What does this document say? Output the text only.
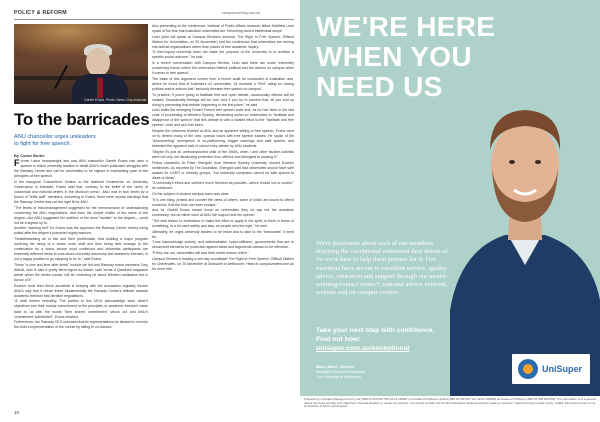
POLICY & REFORM	campusmorning.com.au
Gareth Evans. Photo: News Corp Australia
To the barricades
ANU chancellor urges unileaders
to fight for free speech.
By Conor Burke

Former Labor heavyweight and now ANU chancellor Gareth Evans has used a speech to fellow university leaders to detail ANU's much publicised struggles with the Ramsay Centre and call for universities to be vigilant in maintaining open to the principles of free speech.

In the inaugural Chancellor's Oration to the National Conference on University Governance in Adelaide, Evans said that, contrary to the belief of the "army of columnists and editorial writers in the Murdoch press", ANU was in fact vexed by a bunch of "leftie staff" members. According to Evans, there were myriad warnings that the Ramsay Centre was not the right fit for ANU.

"The levels of micromanagement suggested for the memorandum of understanding concerning the ANU negotiations, and even the simple matter of the name of the degree—the ANU suggested the addition of the word "studies" to the degree— could not be a signed up to.

Another "warning bell" for Evans was the approach the Ramsay Centre money being pulled after the degree's purported eighty warriors.

"Notwithstanding all of this and their problematic, that building a major program involving the hiring of a dozen more staff and then being held hostage to the continuation by a donor whose most vociferous and influential participants are extremely different views to ours about university autonomy and academic freedom, is not a happy position to go skipping to for to," said Evans.

These "a nice and time after times" include we felt and Ramsay board members Tony Abbott, who is also a pretty fierce figure as leader, said "wrote a Quadrant magazine article which the centre course 'will be' reviewing be about Western civilisation but in favour of it".

Evans's most tired fierce accidents is keeping with the accusation regularly thrown ANU's way that it refuse these fundamentally the Ramsay Centre's attitude towards academic freedom that derailed negotiations.

"A draft entries revealing 'The parties to this MOU acknowledge each other's objectives and their mutual commitment to the principles of academic freedom' came back to us with the words 'their shared commitment' struck out and ANU's commitment' substituted", Evans recalled.

Furthermore, the Ramsay CEO indicated that its representatives be allowed to monitor the ANU's implementation of the course by sitting in on classes.

Also presenting at the conference, Institute of Public Affairs research fellow Matthew Lesh spoke of his fear that Australian universities are "becoming closed intellectual shops".

Lesh (who will speak at Campus Review's seminar, The Right to Free Speech: Difficult Waters for Universities, on 25 November) told the conference that universities are turning into activist organisations rather than places of free academic inquiry.

"A free-inquiry university does not stake the purpose of the university to to achieve a specific social outcome," he said.

In a recent conversation with Campus Review, Lesh said there are some "extremely concerning trends where the universities believe political and the actions on campus when it comes to free speech".

The basis of this argument comes from a recent audit he conducted of Australian unis, where he found that of Australia's 42 universities, 34 received a "Red" rating for having policies and/or actions that "seriously threaten free speech on campus".

"In practice, if you're going to facilitate free and open debate, occasionally offense will be caused. Occasionally feelings will be hurt. And if you try to prevent that, all you end up doing is preventing that debate happening in the first place," he said.

Lesh faults the emerging Robert French free speech code and, as he had been in the last code of proceeding at Western Sydney, demanding action so universities to "facilitate and disapprove of the speech" that this debate is with a sizable effort to the "facilitate and free speech" code and as it has been.

Despite the criticisms levelled at ANU and its apparent stifling of free speech, Evans went on to defend many of the unis' cyanosi hours with free speech tussles. He spoke of the "disconcerting" emergence of no-platforming, trigger warnings and safe spaces, and lamented the apparent lack of robust entry debate by ANU students.

"Maybe it's just an unreconstructed child of the 1960s, when I and other student activists were not only not demanding protection from offence and disregard to causing it."

Fellow chancellor Dr Peter Shergold, from Western Sydney University, shared Evans's sentiments. As reported by The Australian, Shergold said that universities should have safe spaces for LGBTI or minority groups, "but university campuses cannot be safe spaces to ideas or ideas".

"A university's ethos and outline's much freedom as possible—which should not to control," he continued.

On the subject of student campus bans was clear.

"It is one thing, protest and counter the views of others, some of which are bound to offend someone, that the truth can even escape."

And for Gareth Evans meant those on universities they do say but the academic community, not on rather each at ANU will support and the speech.

"The vital lesson to institutions to make the effort to apply in the spirit, to think in terms of something, to a lot more safety and stay: as people who the right," he said.

Ultimately, he urges university leaders to be brave and to take to the "barricades" if need be.

"Less haemorrhage anxiety, and administrative 'cyber-stiffness', governments that are to circumvent elements for protection against ideas and arguments claimed to be offensive.

"If they are not, universities will lose their whole reason d'etre."

Campus Review is hosting a one-day roundtable The Right to Free Speech: Difficult Waters for Universities, on 25 November at Swissotel in Melbourne. Head to campusreview.com.au for more info.

10
WE'RE HERE
WHEN YOU
NEED US
We're passionate about each of our members enjoying the exceptional retirement they dream of. So we're here to help them prepare for it. Our members have access to excellent service, quality advice, education and support through our award-winning contact centre*, national advice network, website and on-campus centres.
Take your next step with confidence.
Find out how:
unisuper.com.au/exceptional
Mark Lattner | Member
Manager, Financial Accounting
The University of Melbourne
UniSuper
Prepared by UniSuper Management Pty Ltd (ABN 91 006 961 799, AFSL 235907) on behalf of UniSuper Limited (ABN 54 006 027 121, AFSL 492806) as trustee of UniSuper (ABN 91 385 943 850). The information is of a general nature and does not take your objectives, financial situation or needs into account. You should consider the Product Disclosure Statement before making a decision. *Award-winning contact centre, CSMA. Past performance is not an indicator of future performance.
